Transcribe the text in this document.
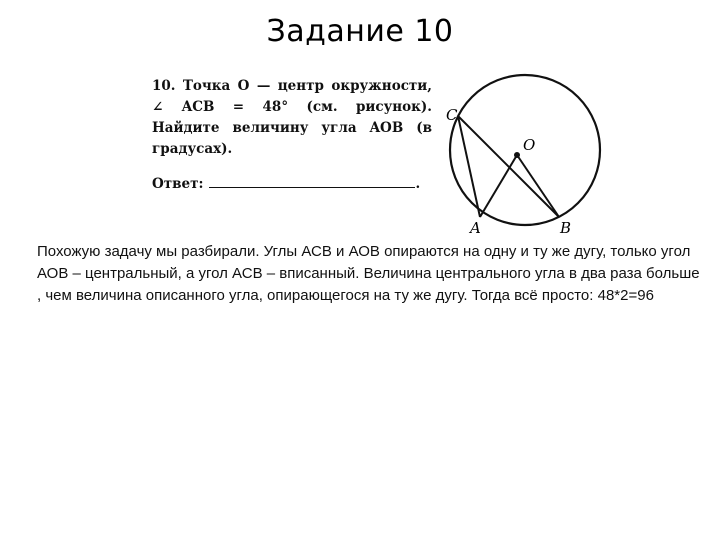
Задание 10
10. Точка O — центр окружности, ∠ ACB = 48° (см. рисунок). Найдите величину угла AOB (в градусах).
Ответ:	.
C
O
A	B
Похожую задачу мы разбирали. Углы АСВ и АОВ опираются на одну и ту же дугу, только угол АОВ – центральный, а угол АСВ – вписанный. Величина центрального угла в два раза больше , чем величина описанного угла, опирающегося на ту же дугу. Тогда всё просто: 48*2=96
